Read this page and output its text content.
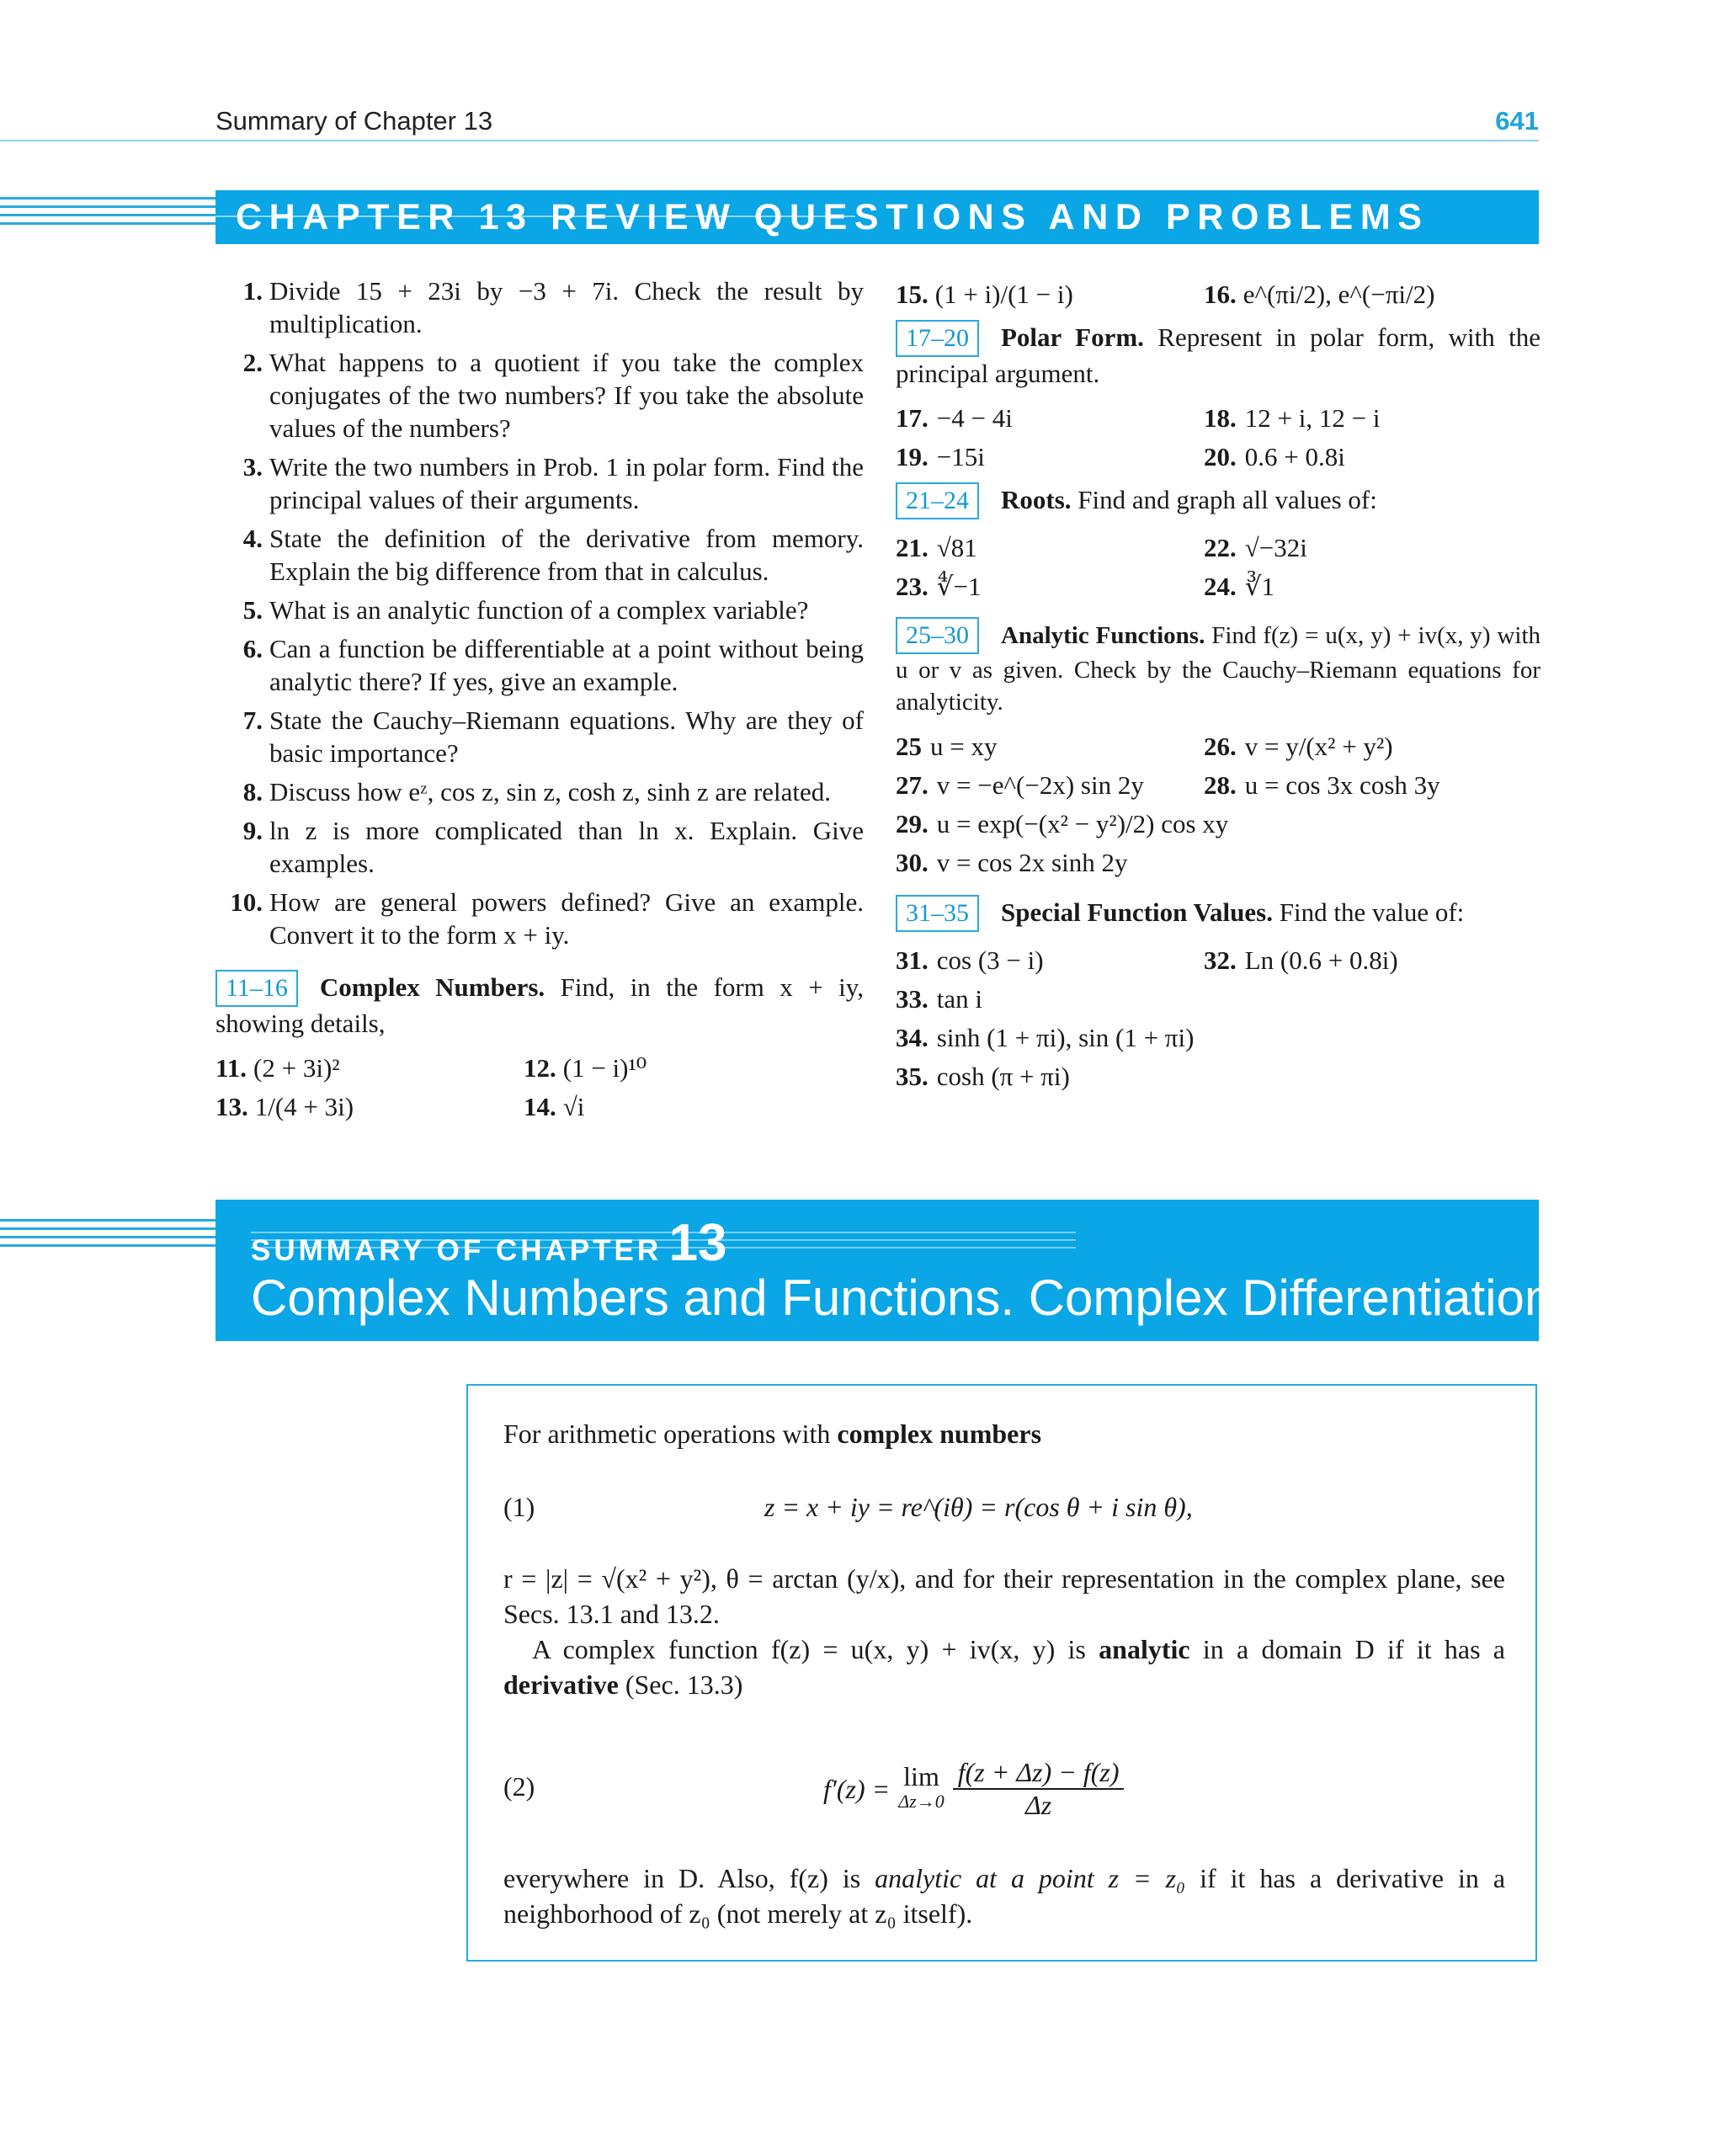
Summary of Chapter 13	641
CHAPTER 13 REVIEW QUESTIONS AND PROBLEMS
1. Divide 15 + 23i by −3 + 7i. Check the result by multiplication.
2. What happens to a quotient if you take the complex conjugates of the two numbers? If you take the absolute values of the numbers?
3. Write the two numbers in Prob. 1 in polar form. Find the principal values of their arguments.
4. State the definition of the derivative from memory. Explain the big difference from that in calculus.
5. What is an analytic function of a complex variable?
6. Can a function be differentiable at a point without being analytic there? If yes, give an example.
7. State the Cauchy–Riemann equations. Why are they of basic importance?
8. Discuss how eᶻ, cos z, sin z, cosh z, sinh z are related.
9. ln z is more complicated than ln x. Explain. Give examples.
10. How are general powers defined? Give an example. Convert it to the form x + iy.
11–16 Complex Numbers. Find, in the form x + iy, showing details,
11. (2 + 3i)²	12. (1 − i)¹⁰
13. 1/(4 + 3i)	14. √i
15. (1 + i)/(1 − i)	16. e^(πi/2), e^(−πi/2)
17–20 Polar Form. Represent in polar form, with the principal argument.
17. −4 − 4i	18. 12 + i, 12 − i
19. −15i	20. 0.6 + 0.8i
21–24 Roots. Find and graph all values of:
21. √81	22. √−32i
23. ∜−1	24. ∛1
25–30 Analytic Functions. Find f(z) = u(x, y) + iv(x, y) with u or v as given. Check by the Cauchy–Riemann equations for analyticity.
25 u = xy	26. v = y/(x² + y²)
27. v = −e^(−2x) sin 2y 28. u = cos 3x cosh 3y
29. u = exp(−(x² − y²)/2) cos xy
30. v = cos 2x sinh 2y
31–35 Special Function Values. Find the value of:
31. cos (3 − i)	32. Ln (0.6 + 0.8i)
33. tan i
34. sinh (1 + πi), sin (1 + πi)
35. cosh (π + πi)
SUMMARY OF CHAPTER 13
Complex Numbers and Functions. Complex Differentiation
For arithmetic operations with complex numbers
(1)	z = x + iy = re^(iθ) = r(cos θ + i sin θ),
r = |z| = √(x² + y²), θ = arctan (y/x), and for their representation in the complex plane, see Secs. 13.1 and 13.2.
A complex function f(z) = u(x, y) + iv(x, y) is analytic in a domain D if it has a derivative (Sec. 13.3)
(2)	f′(z) = lim
$\Delta z\to 0 \frac{f(z + \Delta z) - f(z)}{\Delta z}$
everywhere in D. Also, f(z) is analytic at a point z = z₀ if it has a derivative in a neighborhood of z₀ (not merely at z₀ itself).
